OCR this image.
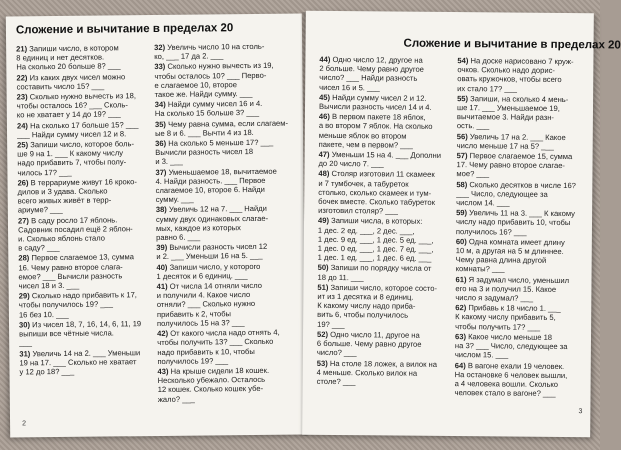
Сложение и вычитание в пределах 20
21) Запиши число, в котором
8 единиц и нет десятков.
На сколько 20 больше 8? ___
22) Из каких двух чисел можно
составить число 15? ___
23) Сколько нужно вычесть из 18,
чтобы осталось 16? ___ Сколь-
ко не хватает у 14 до 19? ___
24) На сколько 17 больше 15? ___
___ Найди сумму чисел 12 и 8.
25) Запиши число, которое боль-
ше 9 на 1. ___ К какому числу
надо прибавить 7, чтобы полу-
чилось 17? ___
26) В террариуме живут 16 кроко-
дилов и 3 удава. Сколько
всего живых живёт в терр-
ариуме? ___
27) В саду росло 17 яблонь.
Садовник посадил ещё 2 яблон-
и. Сколько яблонь стало
в саду? ___
28) Первое слагаемое 13, сумма
16. Чему равно второе слага-
емое? ___ Вычисли разность
чисел 18 и 3. ___
29) Сколько надо прибавить к 17,
чтобы получилось 19? ___
16 без 10. ___
30) Из чисел 18, 7, 16, 14, 6, 11, 19
выпиши все чётные числа.
___
31) Увеличь 14 на 2. ___ Уменьши
19 на 17. ___ Сколько не хватает
у 12 до 18? ___
32) Увеличь число 10 на столь-
ко, ___ 17 да 2. ___
33) Сколько нужно вычесть из 19,
чтобы осталось 10? ___ Перво-
е слагаемое 10, второе
такое же. Найди сумму. ___
34) Найди сумму чисел 16 и 4.
На сколько 15 больше 3? ___
35) Чему равна сумма, если слагаем-
ые 8 и 6. ___ Вычти 4 из 18.
36) На сколько 5 меньше 17? ___
Вычисли разность чисел 18
и 3. ___
37) Уменьшаемое 18, вычитаемое
4. Найди разность. ___ Первое
слагаемое 10, второе 6. Найди
сумму. ___
38) Увеличь 12 на 7. ___ Найди
сумму двух одинаковых слагае-
мых, каждое из которых
равно 6. ___
39) Вычисли разность чисел 12
и 2. ___ Уменьши 16 на 5. ___
40) Запиши число, у которого
1 десяток и 6 единиц. ___
41) От числа 14 отняли число
и получили 4. Какое число
отняли? ___ Сколько нужно
прибавить к 2, чтобы
получилось 15 на 3? ___
42) От какого числа надо отнять 4,
чтобы получить 13? ___ Сколько
надо прибавить к 10, чтобы
получилось 19? ___
43) На крыше сидели 18 кошек.
Несколько убежало. Осталось
12 кошек. Сколько кошек убе-
жало? ___
2
Сложение и вычитание в пределах 20
44) Одно число 12, другое на
2 больше. Чему равно другое
число? ___ Найди разность
чисел 16 и 5. ___
45) Найди сумму чисел 2 и 12.
Вычисли разность чисел 14 и 4.
46) В первом пакете 18 яблок,
а во втором 7 яблок. На сколько
меньше яблок во втором
пакете, чем в первом? ___
47) Уменьши 15 на 4. ___ Дополни
до 20 число 7. ___
48) Столяр изготовил 11 скамеек
и 7 тумбочек, а табуреток
столько, сколько скамеек и тум-
бочек вместе. Сколько табуреток
изготовил столяр? ___
49) Запиши числа, в которых:
1 дес. 2 ед. ___, 2 дес. ___,
1 дес. 9 ед. ___, 1 дес. 5 ед. ___,
1 дес. 0 ед. ___, 1 дес. 7 ед. ___,
1 дес. 1 ед. ___, 1 дес. 6 ед. ___
50) Запиши по порядку числа от
18 до 11. ___
51) Запиши число, которое состо-
ит из 1 десятка и 8 единиц.
К какому числу надо приба-
вить 6, чтобы получилось
19? ___
52) Одно число 11, другое на
6 больше. Чему равно другое
число? ___
53) На столе 18 ложек, а вилок на
4 меньше. Сколько вилок на
столе? ___
54) На доске нарисовано 7 круж-
очков. Сколько надо дорис-
овать кружочков, чтобы всего
их стало 17? ___
55) Запиши, на сколько 4 мень-
ше 17. ___ Уменьшаемое 19,
вычитаемое 3. Найди разн-
ость. ___
56) Увеличь 17 на 2. ___ Какое
число меньше 17 на 5? ___
57) Первое слагаемое 15, сумма
17. Чему равно второе слагае-
мое? ___
58) Сколько десятков в числе 16?
___ Число, следующее за
числом 14. ___
59) Увеличь 11 на 3. ___ К какому
числу надо прибавить 10, чтобы
получилось 16? ___
60) Одна комната имеет длину
10 м, а другая на 5 м длиннее.
Чему равна длина другой
комнаты? ___
61) Я задумал число, уменьшил
его на 3 и получил 15. Какое
число я задумал? ___
62) Прибавь к 18 число 1. ___
К какому числу прибавить 5,
чтобы получить 17? ___
63) Какое число меньше 18
на 3? ___ Число, следующее за
числом 15. ___
64) В вагоне ехали 19 человек.
На остановке 6 человек вышли,
а 4 человека вошли. Сколько
человек стало в вагоне? ___
3
